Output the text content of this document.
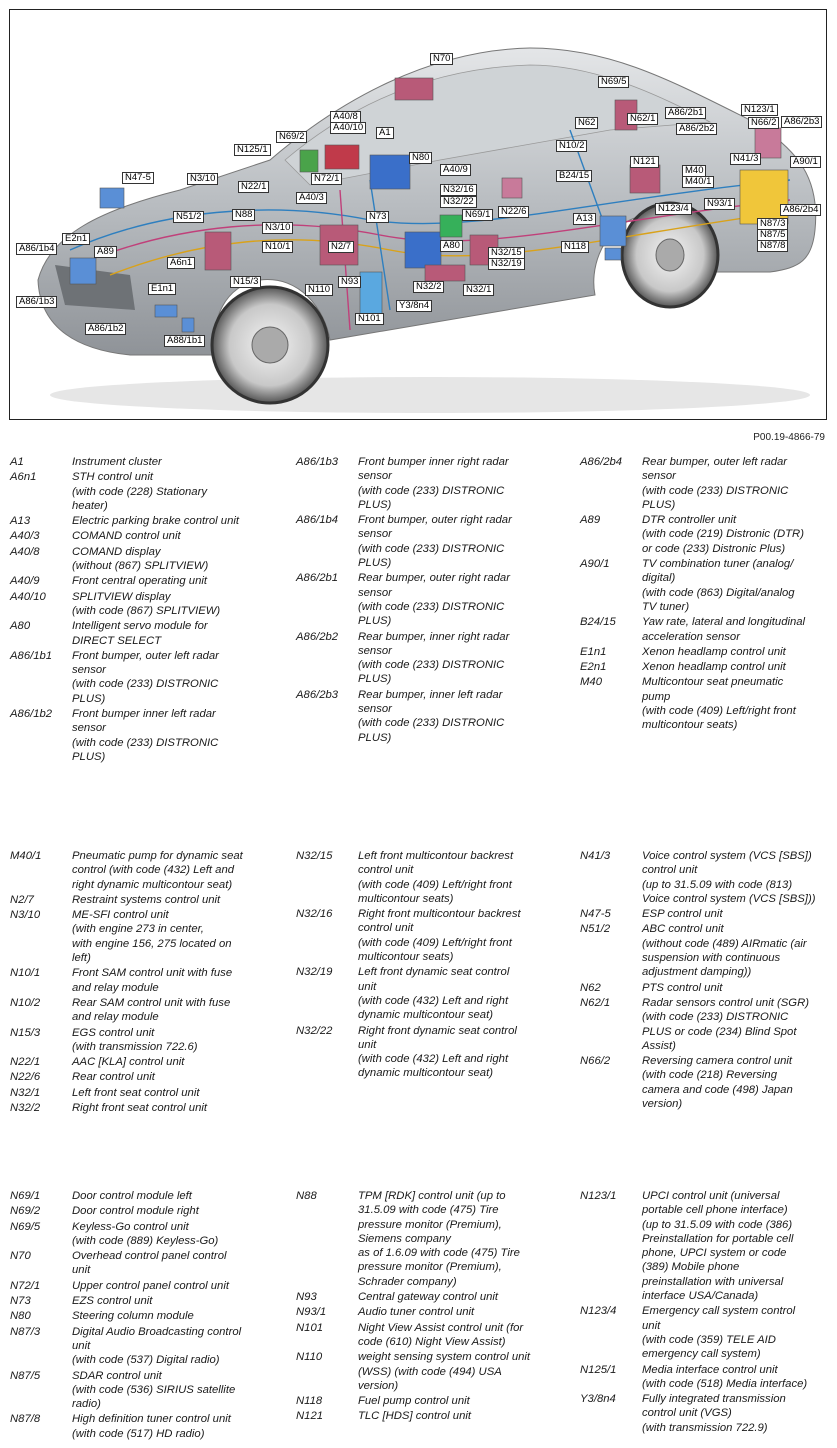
N70
N69/5
A86/2b1	N123/1
A86/2b3
A40/8
A40/10	A1
N69/2
N125/1
N62	N62/1
A86/2b2
N66/2
N10/2
N41/3	A90/1
N80
A40/9
N121
N47-5	N3/10	N72/1
N32/16
B24/15	M40
M40/1
N22/1
N32/22
A40/3
N22/6
N93/1
A86/2b4
N51/2	N88	N73	N69/1
N123/4
N3/10
A13	N87/3
N87/5
N87/8
E2n1
N10/1	N2/7	A80
A86/1b4	A89	N32/15
N32/19
N118
A6n1
N15/3	N93
N110	N32/2	N32/1
E1n1
A86/1b3	Y3/8n4
N101
A86/1b2
A88/1b1
P00.19-4866-79
A1	Instrument cluster
A6n1	STH control unit
(with code (228) Stationary
heater)
A13	Electric parking brake control unit
A40/3	COMAND control unit
A40/8	COMAND display
(without (867) SPLITVIEW)
A40/9	Front central operating unit
A40/10 SPLITVIEW display
(with code (867) SPLITVIEW)
A80	Intelligent servo module for
DIRECT SELECT
A86/1b1 Front bumper, outer left radar
sensor
(with code (233) DISTRONIC
PLUS)
A86/1b2 Front bumper inner left radar
sensor
(with code (233) DISTRONIC
PLUS)
A86/1b3 Front bumper inner right radar
sensor
(with code (233) DISTRONIC
PLUS)
A86/1b4 Front bumper, outer right radar
sensor
(with code (233) DISTRONIC
PLUS)
A86/2b1 Rear bumper, outer right radar
sensor
(with code (233) DISTRONIC
PLUS)
A86/2b2 Rear bumper, inner right radar
sensor
(with code (233) DISTRONIC
PLUS)
A86/2b3 Rear bumper, inner left radar
sensor
(with code (233) DISTRONIC
PLUS)
A86/2b4 Rear bumper, outer left radar
sensor
(with code (233) DISTRONIC
PLUS)
A89	DTR controller unit
(with code (219) Distronic (DTR)
or code (233) Distronic Plus)
A90/1	TV combination tuner (analog/
digital)
(with code (863) Digital/analog
TV tuner)
B24/15 Yaw rate, lateral and longitudinal
acceleration sensor
E1n1	Xenon headlamp control unit
E2n1	Xenon headlamp control unit
M40	Multicontour seat pneumatic
pump
(with code (409) Left/right front
multicontour seats)
M40/1	Pneumatic pump for dynamic seat
control (with code (432) Left and
right dynamic multicontour seat)
N2/7	Restraint systems control unit
N3/10	ME-SFI control unit
(with engine 273 in center,
with engine 156, 275 located on
left)
N10/1	Front SAM control unit with fuse
and relay module
N10/2	Rear SAM control unit with fuse
and relay module
N15/3	EGS control unit
(with transmission 722.6)
N22/1	AAC [KLA] control unit
N22/6	Rear control unit
N32/1	Left front seat control unit
N32/2	Right front seat control unit
N32/15 Left front multicontour backrest
control unit
(with code (409) Left/right front
multicontour seats)
N32/16 Right front multicontour backrest
control unit
(with code (409) Left/right front
multicontour seats)
N32/19 Left front dynamic seat control
unit
(with code (432) Left and right
dynamic multicontour seat)
N32/22 Right front dynamic seat control
unit
(with code (432) Left and right
dynamic multicontour seat)
N41/3	Voice control system (VCS [SBS])
control unit
(up to 31.5.09 with code (813)
Voice control system (VCS [SBS]))
N47-5	ESP control unit
N51/2	ABC control unit
(without code (489) AIRmatic (air
suspension with continuous
adjustment damping))
N62	PTS control unit
N62/1	Radar sensors control unit (SGR)
(with code (233) DISTRONIC
PLUS or code (234) Blind Spot
Assist)
N66/2	Reversing camera control unit
(with code (218) Reversing
camera and code (498) Japan
version)
N69/1	Door control module left
N69/2	Door control module right
N69/5	Keyless-Go control unit
(with code (889) Keyless-Go)
N70	Overhead control panel control
unit
N72/1	Upper control panel control unit
N73	EZS control unit
N80	Steering column module
N87/3	Digital Audio Broadcasting control
unit
(with code (537) Digital radio)
N87/5	SDAR control unit
(with code (536) SIRIUS satellite
radio)
N87/8	High definition tuner control unit
(with code (517) HD radio)
N88	TPM [RDK] control unit (up to
31.5.09 with code (475) Tire
pressure monitor (Premium),
Siemens company
as of 1.6.09 with code (475) Tire
pressure monitor (Premium),
Schrader company)
N93	Central gateway control unit
N93/1	Audio tuner control unit
N101	Night View Assist control unit (for
code (610) Night View Assist)
N110	weight sensing system control unit
(WSS) (with code (494) USA
version)
N118	Fuel pump control unit
N121	TLC [HDS] control unit
N123/1 UPCI control unit (universal
portable cell phone interface)
(up to 31.5.09 with code (386)
Preinstallation for portable cell
phone, UPCI system or code
(389) Mobile phone
preinstallation with universal
interface USA/Canada)
N123/4 Emergency call system control
unit
(with code (359) TELE AID
emergency call system)
N125/1 Media interface control unit
(with code (518) Media interface)
Y3/8n4 Fully integrated transmission
control unit (VGS)
(with transmission 722.9)
